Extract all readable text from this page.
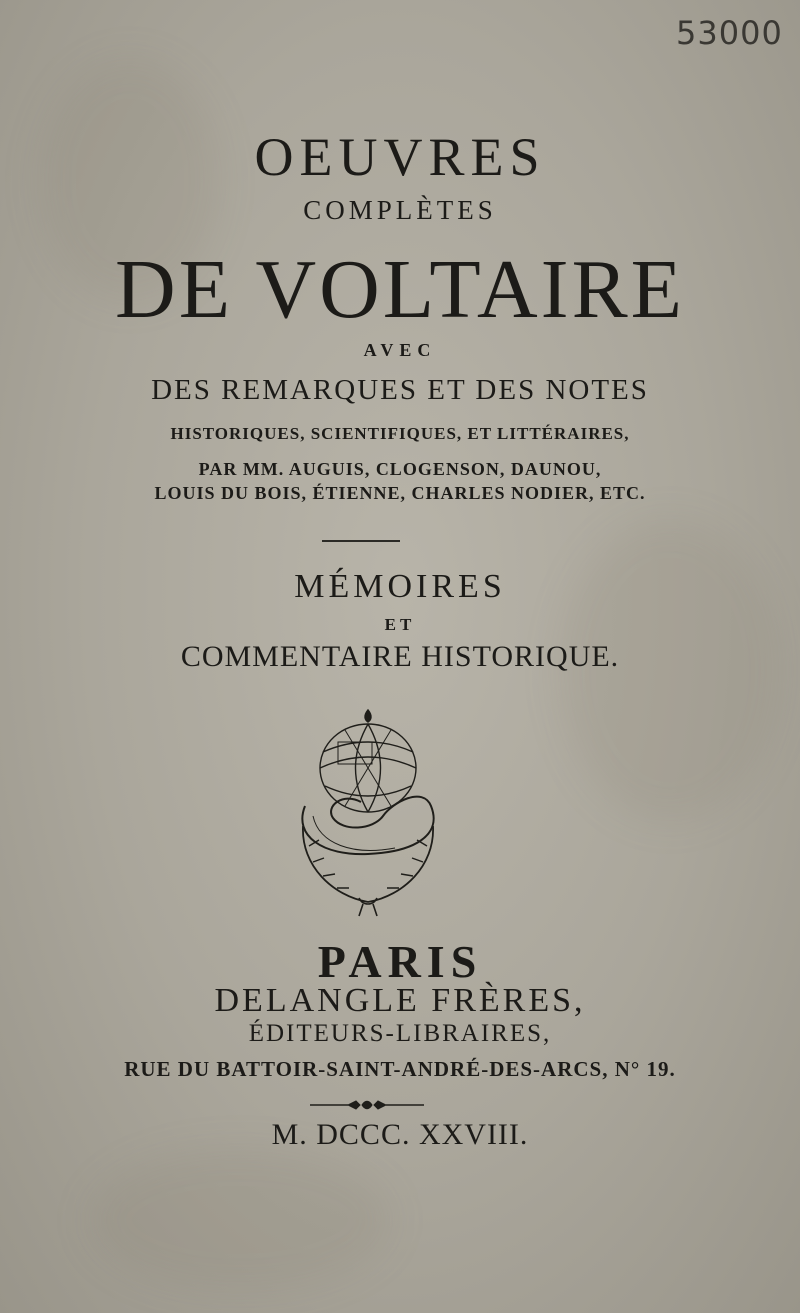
53000
OEUVRES
COMPLÈTES
DE VOLTAIRE
AVEC
DES REMARQUES ET DES NOTES
HISTORIQUES, SCIENTIFIQUES, ET LITTÉRAIRES,
PAR MM. AUGUIS, CLOGENSON, DAUNOU,
LOUIS DU BOIS, ÉTIENNE, CHARLES NODIER, ETC.
MÉMOIRES
ET
COMMENTAIRE HISTORIQUE.
PARIS
DELANGLE FRÈRES,
ÉDITEURS-LIBRAIRES,
RUE DU BATTOIR-SAINT-ANDRÉ-DES-ARCS, N° 19.
M. DCCC. XXVIII.
